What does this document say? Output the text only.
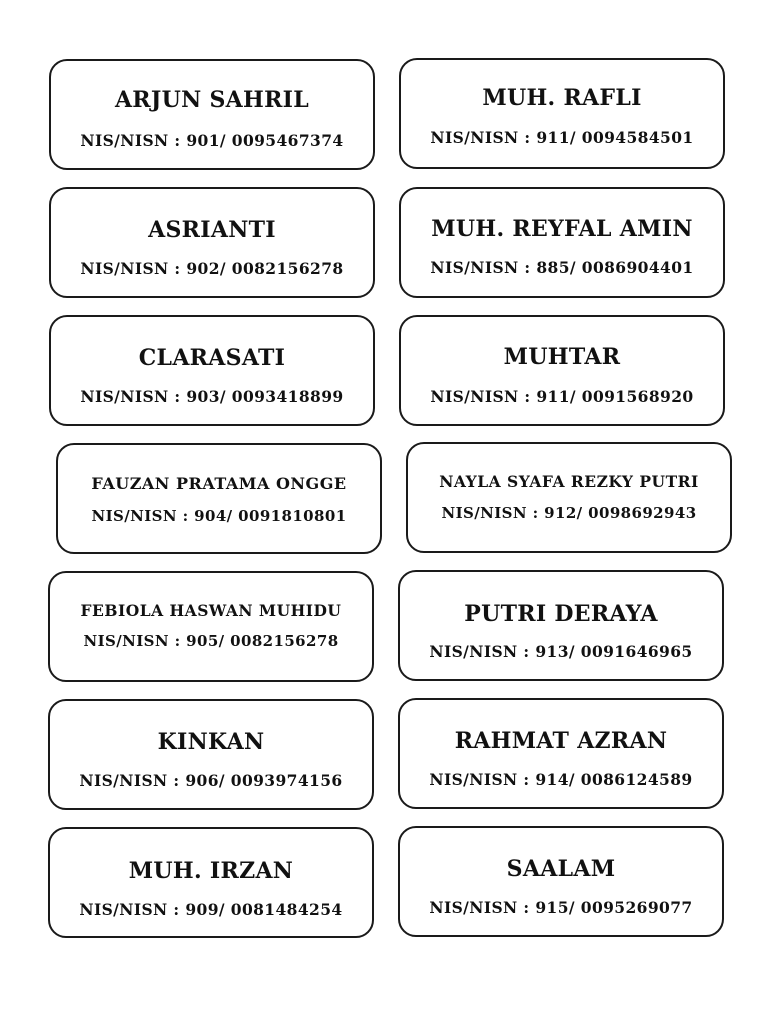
ARJUN SAHRIL
NIS/NISN : 901/ 0095467374
MUH. RAFLI
NIS/NISN : 911/ 0094584501
ASRIANTI
NIS/NISN : 902/ 0082156278
MUH. REYFAL AMIN
NIS/NISN : 885/ 0086904401
CLARASATI
NIS/NISN : 903/ 0093418899
MUHTAR
NIS/NISN : 911/ 0091568920
FAUZAN PRATAMA ONGGE
NIS/NISN : 904/ 0091810801
NAYLA SYAFA REZKY PUTRI
NIS/NISN : 912/ 0098692943
FEBIOLA HASWAN MUHIDU
NIS/NISN : 905/ 0082156278
PUTRI DERAYA
NIS/NISN : 913/ 0091646965
KINKAN
NIS/NISN : 906/ 0093974156
RAHMAT AZRAN
NIS/NISN : 914/ 0086124589
MUH. IRZAN
NIS/NISN : 909/ 0081484254
SAALAM
NIS/NISN : 915/ 0095269077
